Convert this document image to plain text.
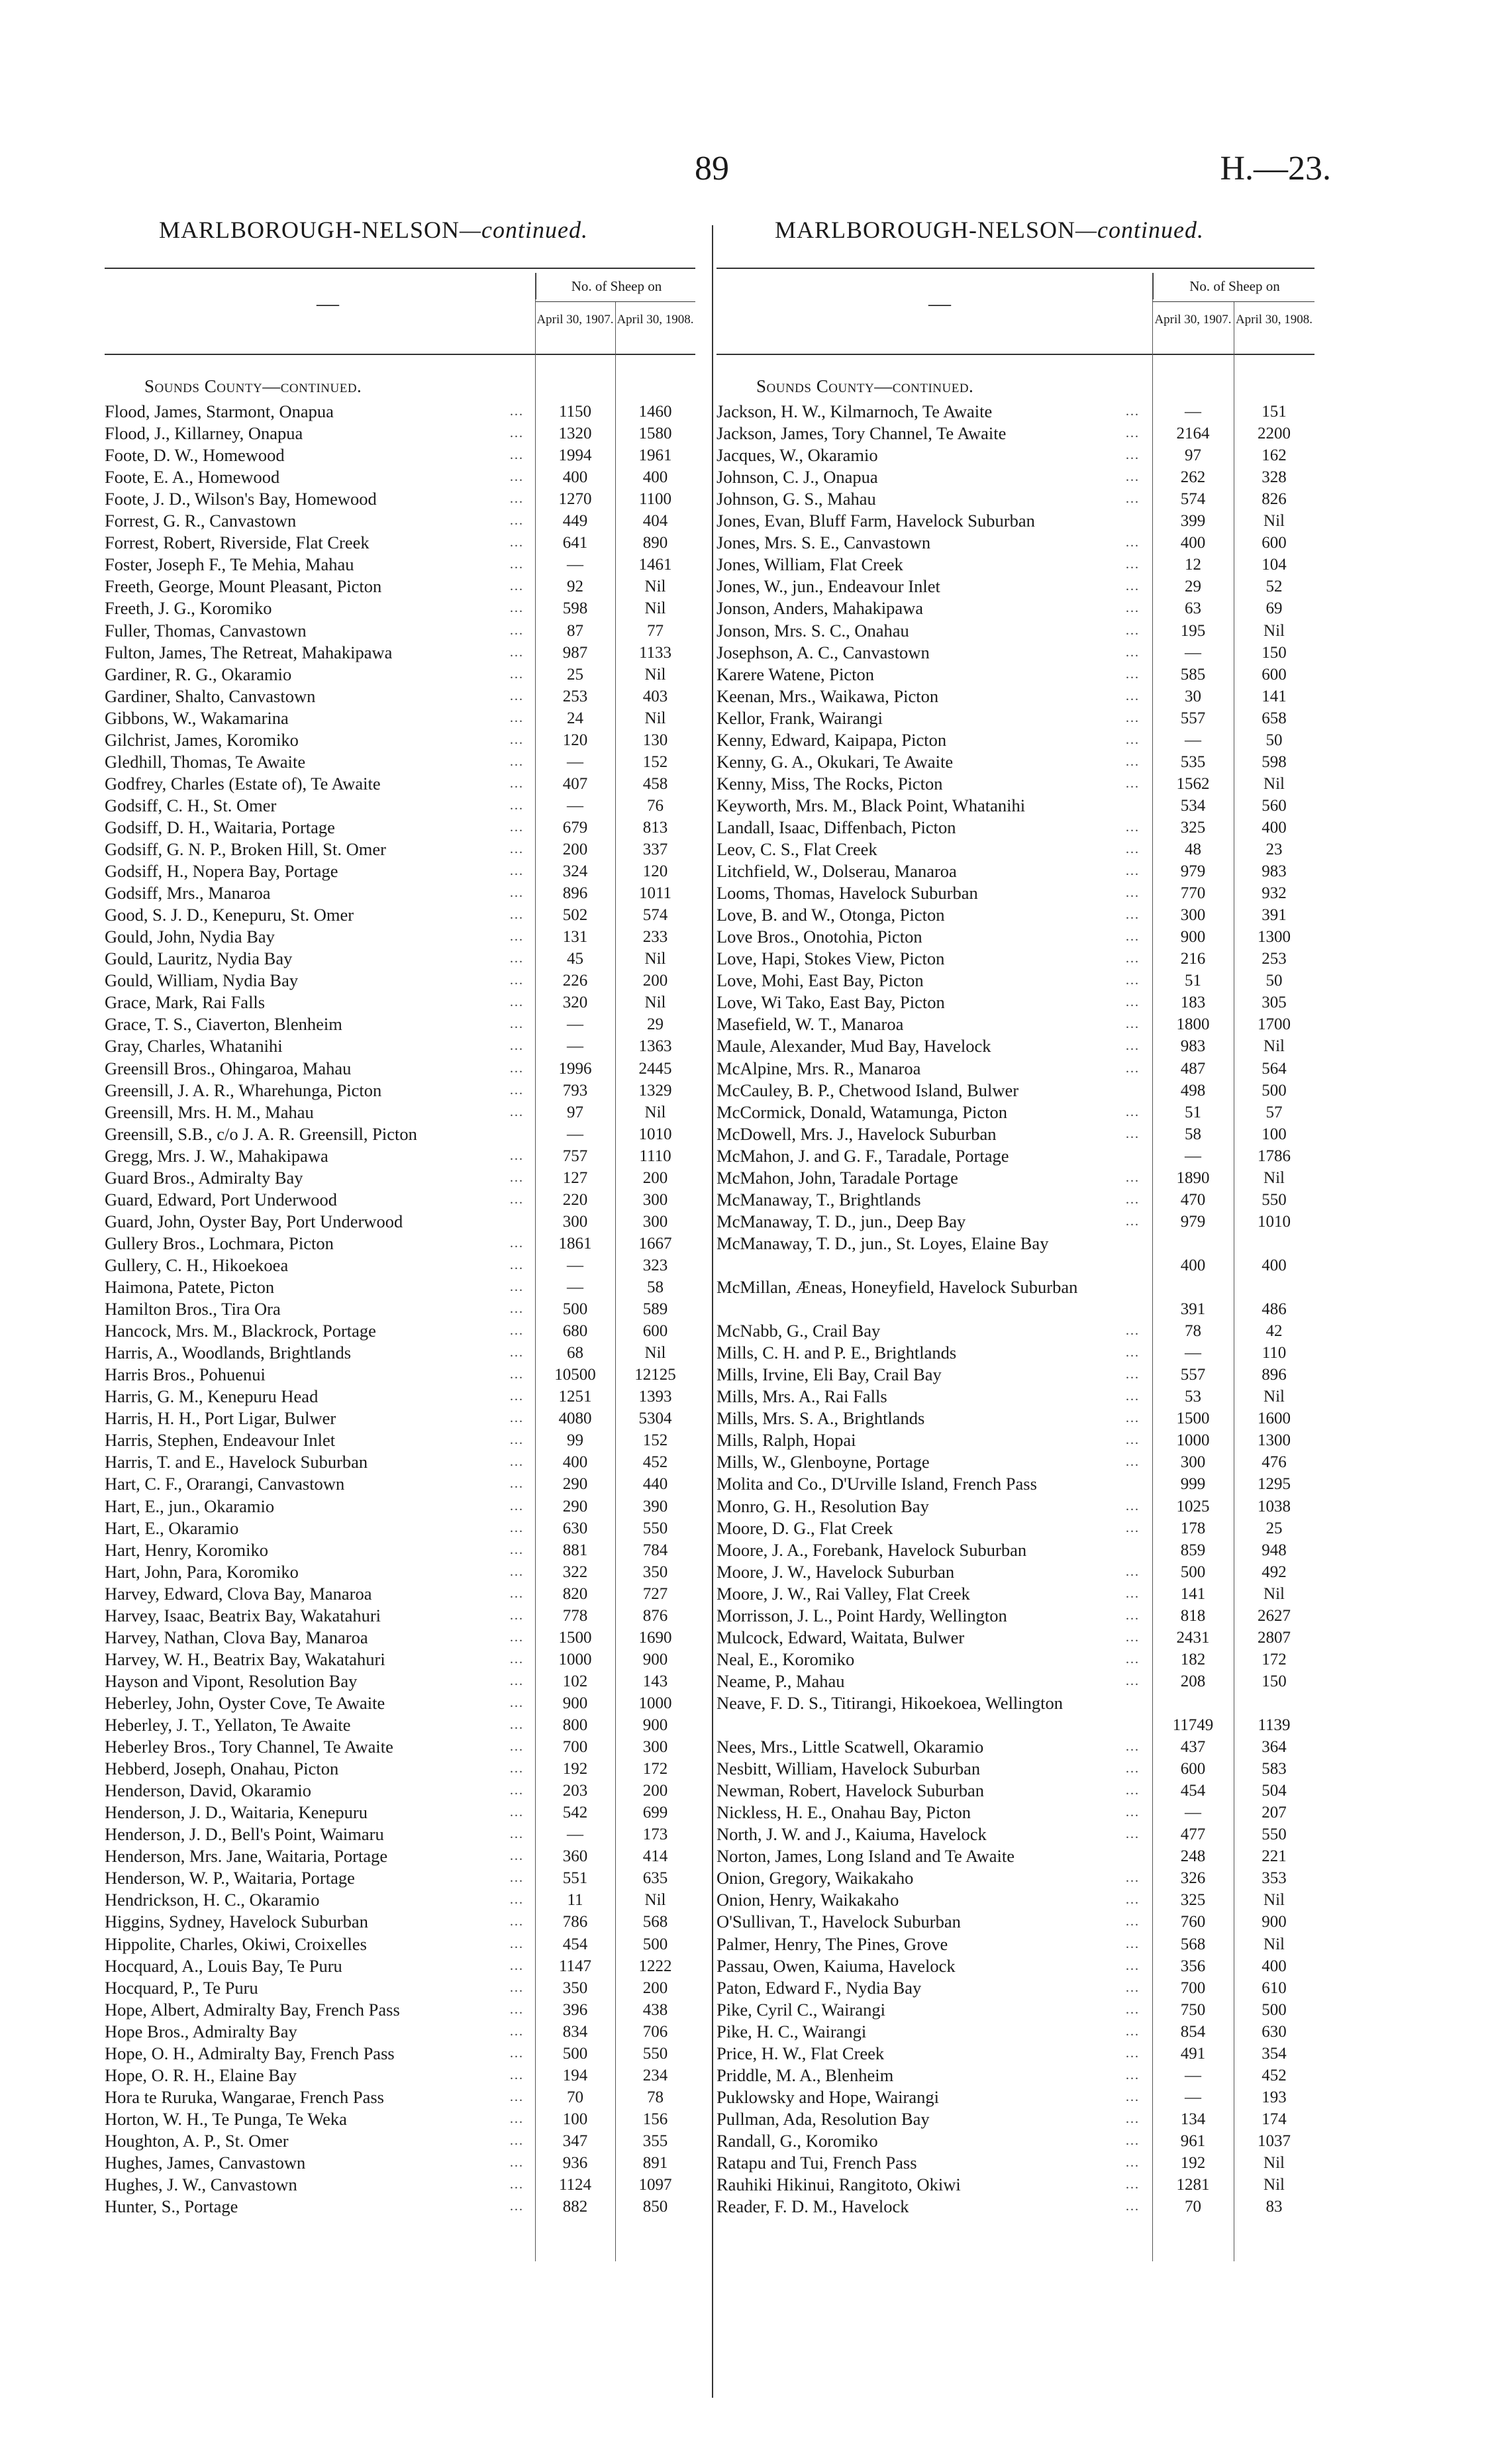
89	H.—23.
MARLBOROUGH-NELSON—continued.
—
No. of Sheep on
April 30, 1907. April 30, 1908.
Sounds County—continued.
Flood, James, Starmont, Onapua	...	1150	1460
Flood, J., Killarney, Onapua	...	1320	1580
Foote, D. W., Homewood	...	1994	1961
Foote, E. A., Homewood	...	400	400
Foote, J. D., Wilson's Bay, Homewood	...	1270	1100
Forrest, G. R., Canvastown	...	449	404
Forrest, Robert, Riverside, Flat Creek	...	641	890
Foster, Joseph F., Te Mehia, Mahau	...	—	1461
Freeth, George, Mount Pleasant, Picton	...	92	Nil
Freeth, J. G., Koromiko	...	598	Nil
Fuller, Thomas, Canvastown	...	87	77
Fulton, James, The Retreat, Mahakipawa	...	987	1133
Gardiner, R. G., Okaramio	...	25	Nil
Gardiner, Shalto, Canvastown	...	253	403
Gibbons, W., Wakamarina	...	24	Nil
Gilchrist, James, Koromiko	...	120	130
Gledhill, Thomas, Te Awaite	...	—	152
Godfrey, Charles (Estate of), Te Awaite	...	407	458
Godsiff, C. H., St. Omer	...	—	76
Godsiff, D. H., Waitaria, Portage	...	679	813
Godsiff, G. N. P., Broken Hill, St. Omer	...	200	337
Godsiff, H., Nopera Bay, Portage	...	324	120
Godsiff, Mrs., Manaroa	...	896	1011
Good, S. J. D., Kenepuru, St. Omer	...	502	574
Gould, John, Nydia Bay	...	131	233
Gould, Lauritz, Nydia Bay	...	45	Nil
Gould, William, Nydia Bay	...	226	200
Grace, Mark, Rai Falls	...	320	Nil
Grace, T. S., Ciaverton, Blenheim	...	—	29
Gray, Charles, Whatanihi	...	—	1363
Greensill Bros., Ohingaroa, Mahau	...	1996	2445
Greensill, J. A. R., Wharehunga, Picton	...	793	1329
Greensill, Mrs. H. M., Mahau	...	97	Nil
Greensill, S.B., c/o J. A. R. Greensill, Picton	—	1010
Gregg, Mrs. J. W., Mahakipawa	...	757	1110
Guard Bros., Admiralty Bay	...	127	200
Guard, Edward, Port Underwood	...	220	300
Guard, John, Oyster Bay, Port Underwood	300	300
Gullery Bros., Lochmara, Picton	...	1861	1667
Gullery, C. H., Hikoekoea	...	—	323
Haimona, Patete, Picton	...	—	58
Hamilton Bros., Tira Ora	...	500	589
Hancock, Mrs. M., Blackrock, Portage	...	680	600
Harris, A., Woodlands, Brightlands	...	68	Nil
Harris Bros., Pohuenui	...	10500	12125
Harris, G. M., Kenepuru Head	...	1251	1393
Harris, H. H., Port Ligar, Bulwer	...	4080	5304
Harris, Stephen, Endeavour Inlet	...	99	152
Harris, T. and E., Havelock Suburban	...	400	452
Hart, C. F., Orarangi, Canvastown	...	290	440
Hart, E., jun., Okaramio	...	290	390
Hart, E., Okaramio	...	630	550
Hart, Henry, Koromiko	...	881	784
Hart, John, Para, Koromiko	...	322	350
Harvey, Edward, Clova Bay, Manaroa	...	820	727
Harvey, Isaac, Beatrix Bay, Wakatahuri	...	778	876
Harvey, Nathan, Clova Bay, Manaroa	...	1500	1690
Harvey, W. H., Beatrix Bay, Wakatahuri	...	1000	900
Hayson and Vipont, Resolution Bay	...	102	143
Heberley, John, Oyster Cove, Te Awaite	...	900	1000
Heberley, J. T., Yellaton, Te Awaite	...	800	900
Heberley Bros., Tory Channel, Te Awaite	...	700	300
Hebberd, Joseph, Onahau, Picton	...	192	172
Henderson, David, Okaramio	...	203	200
Henderson, J. D., Waitaria, Kenepuru	...	542	699
Henderson, J. D., Bell's Point, Waimaru	...	—	173
Henderson, Mrs. Jane, Waitaria, Portage	...	360	414
Henderson, W. P., Waitaria, Portage	...	551	635
Hendrickson, H. C., Okaramio	...	11	Nil
Higgins, Sydney, Havelock Suburban	...	786	568
Hippolite, Charles, Okiwi, Croixelles	...	454	500
Hocquard, A., Louis Bay, Te Puru	...	1147	1222
Hocquard, P., Te Puru	...	350	200
Hope, Albert, Admiralty Bay, French Pass	...	396	438
Hope Bros., Admiralty Bay	...	834	706
Hope, O. H., Admiralty Bay, French Pass	...	500	550
Hope, O. R. H., Elaine Bay	...	194	234
Hora te Ruruka, Wangarae, French Pass	...	70	78
Horton, W. H., Te Punga, Te Weka	...	100	156
Houghton, A. P., St. Omer	...	347	355
Hughes, James, Canvastown	...	936	891
Hughes, J. W., Canvastown	...	1124	1097
Hunter, S., Portage	...	882	850
MARLBOROUGH-NELSON—continued.
—
No. of Sheep on
April 30, 1907. April 30, 1908.
Sounds County—continued.
Jackson, H. W., Kilmarnoch, Te Awaite	...	—	151
Jackson, James, Tory Channel, Te Awaite	...	2164	2200
Jacques, W., Okaramio	...	97	162
Johnson, C. J., Onapua	...	262	328
Johnson, G. S., Mahau	...	574	826
Jones, Evan, Bluff Farm, Havelock Suburban	399	Nil
Jones, Mrs. S. E., Canvastown	...	400	600
Jones, William, Flat Creek	...	12	104
Jones, W., jun., Endeavour Inlet	...	29	52
Jonson, Anders, Mahakipawa	...	63	69
Jonson, Mrs. S. C., Onahau	...	195	Nil
Josephson, A. C., Canvastown	...	—	150
Karere Watene, Picton	...	585	600
Keenan, Mrs., Waikawa, Picton	...	30	141
Kellor, Frank, Wairangi	...	557	658
Kenny, Edward, Kaipapa, Picton	...	—	50
Kenny, G. A., Okukari, Te Awaite	...	535	598
Kenny, Miss, The Rocks, Picton	...	1562	Nil
Keyworth, Mrs. M., Black Point, Whatanihi	534	560
Landall, Isaac, Diffenbach, Picton	...	325	400
Leov, C. S., Flat Creek	...	48	23
Litchfield, W., Dolserau, Manaroa	...	979	983
Looms, Thomas, Havelock Suburban	...	770	932
Love, B. and W., Otonga, Picton	...	300	391
Love Bros., Onotohia, Picton	...	900	1300
Love, Hapi, Stokes View, Picton	...	216	253
Love, Mohi, East Bay, Picton	...	51	50
Love, Wi Tako, East Bay, Picton	...	183	305
Masefield, W. T., Manaroa	...	1800	1700
Maule, Alexander, Mud Bay, Havelock	...	983	Nil
McAlpine, Mrs. R., Manaroa	...	487	564
McCauley, B. P., Chetwood Island, Bulwer	498	500
McCormick, Donald, Watamunga, Picton	...	51	57
McDowell, Mrs. J., Havelock Suburban	...	58	100
McMahon, J. and G. F., Taradale, Portage	—	1786
McMahon, John, Taradale Portage	...	1890	Nil
McManaway, T., Brightlands	...	470	550
McManaway, T. D., jun., Deep Bay	...	979	1010
McManaway, T. D., jun., St. Loyes, Elaine Bay
400	400
McMillan, Æneas, Honeyfield, Havelock Suburban
391	486
McNabb, G., Crail Bay	...	78	42
Mills, C. H. and P. E., Brightlands	...	—	110
Mills, Irvine, Eli Bay, Crail Bay	...	557	896
Mills, Mrs. A., Rai Falls	...	53	Nil
Mills, Mrs. S. A., Brightlands	...	1500	1600
Mills, Ralph, Hopai	...	1000	1300
Mills, W., Glenboyne, Portage	...	300	476
Molita and Co., D'Urville Island, French Pass	999	1295
Monro, G. H., Resolution Bay	...	1025	1038
Moore, D. G., Flat Creek	...	178	25
Moore, J. A., Forebank, Havelock Suburban	859	948
Moore, J. W., Havelock Suburban	...	500	492
Moore, J. W., Rai Valley, Flat Creek	...	141	Nil
Morrisson, J. L., Point Hardy, Wellington	...	818	2627
Mulcock, Edward, Waitata, Bulwer	...	2431	2807
Neal, E., Koromiko	...	182	172
Neame, P., Mahau	...	208	150
Neave, F. D. S., Titirangi, Hikoekoea, Wellington
11749	1139
Nees, Mrs., Little Scatwell, Okaramio	...	437	364
Nesbitt, William, Havelock Suburban	...	600	583
Newman, Robert, Havelock Suburban	...	454	504
Nickless, H. E., Onahau Bay, Picton	...	—	207
North, J. W. and J., Kaiuma, Havelock	...	477	550
Norton, James, Long Island and Te Awaite	248	221
Onion, Gregory, Waikakaho	...	326	353
Onion, Henry, Waikakaho	...	325	Nil
O'Sullivan, T., Havelock Suburban	...	760	900
Palmer, Henry, The Pines, Grove	...	568	Nil
Passau, Owen, Kaiuma, Havelock	...	356	400
Paton, Edward F., Nydia Bay	...	700	610
Pike, Cyril C., Wairangi	...	750	500
Pike, H. C., Wairangi	...	854	630
Price, H. W., Flat Creek	...	491	354
Priddle, M. A., Blenheim	...	—	452
Puklowsky and Hope, Wairangi	...	—	193
Pullman, Ada, Resolution Bay	...	134	174
Randall, G., Koromiko	...	961	1037
Ratapu and Tui, French Pass	...	192	Nil
Rauhiki Hikinui, Rangitoto, Okiwi	...	1281	Nil
Reader, F. D. M., Havelock	...	70	83
